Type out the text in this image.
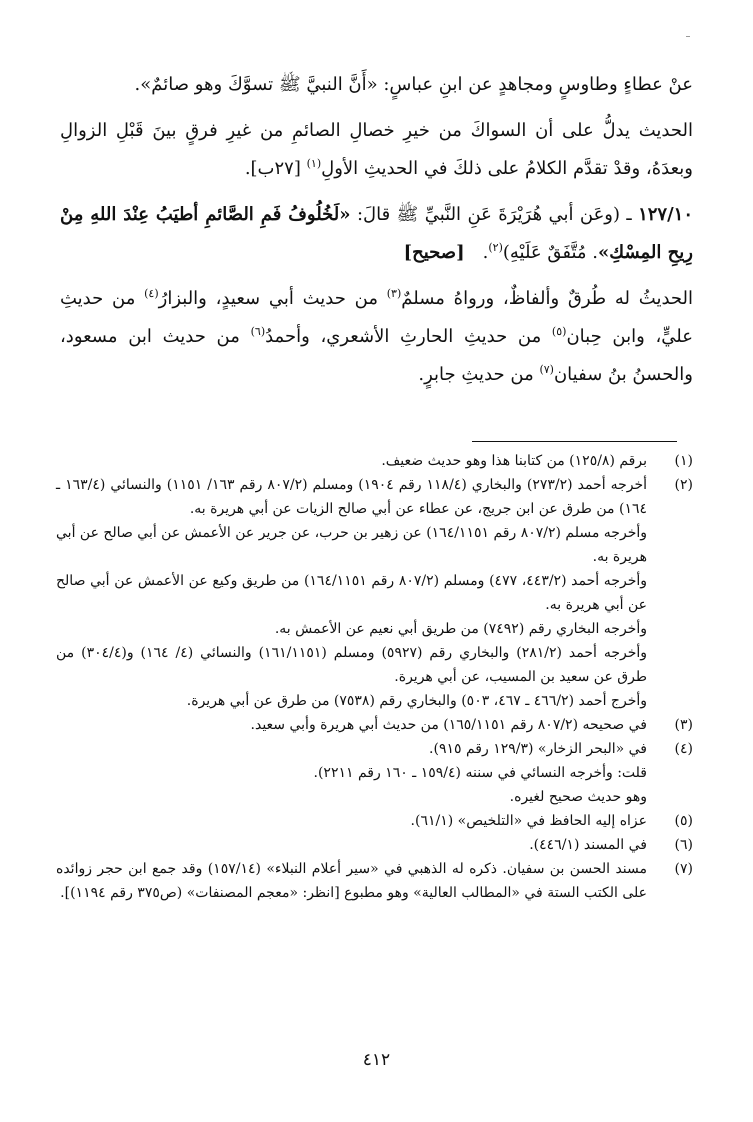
عنْ عطاءٍ وطاوسٍ ومجاهدٍ عن ابنِ عباسٍ: «أَنَّ النبيَّ ﷺ تسوَّكَ وهو صائمٌ».

الحديث يدلُّ على أن السواكَ من خيرِ خصالِ الصائمِ من غيرِ فرقٍ بينَ قَبْلِ الزوالِ وبعدَهُ، وقدْ تقدَّم الكلامُ على ذلكَ في الحديثِ الأولِ$^{(١)}$ [٢٧ب].

١٢٧/١٠ ـ (وعَن أبي هُرَيْرَةَ عَنِ النَّبيِّ ﷺ قالَ: «لَخُلُوفُ فَمِ الصَّائمِ أطيَبُ عِنْدَ اللهِ مِنْ رِيحِ المِسْكِ». مُتَّفَقٌ عَلَيْهِ)$^{(٢)}$.[صحيح]

الحديثُ له طُرقٌ وألفاظٌ، ورواهُ مسلمٌ$^{(٣)}$ من حديث أبي سعيدٍ، والبزارُ$^{(٤)}$ من حديثِ عليٍّ، وابن حِبان$^{(٥)}$ من حديثِ الحارثِ الأشعري، وأحمدُ$^{(٦)}$ من حديث ابن مسعود، والحسنُ بنُ سفيان$^{(٧)}$ من حديثِ جابرٍ.

(١)
برقم (١٢٥/٨) من كتابنا هذا وهو حديث ضعيف.
(٢)
أخرجه أحمد (٢٧٣/٢) والبخاري (١١٨/٤ رقم ١٩٠٤) ومسلم (٨٠٧/٢ رقم ١٦٣/ ١١٥١) والنسائي (١٦٣/٤ ـ ١٦٤) من طرق عن ابن جريج، عن عطاء عن أبي صالح الزيات عن أبي هريرة به.
وأخرجه مسلم (٨٠٧/٢ رقم ١٦٤/١١٥١) عن زهير بن حرب، عن جرير عن الأعمش عن أبي صالح عن أبي هريرة به.
وأخرجه أحمد (٤٤٣/٢، ٤٧٧) ومسلم (٨٠٧/٢ رقم ١٦٤/١١٥١) من طريق وكيع عن الأعمش عن أبي صالح عن أبي هريرة به.
وأخرجه البخاري رقم (٧٤٩٢) من طريق أبي نعيم عن الأعمش به.
وأخرجه أحمد (٢٨١/٢) والبخاري رقم (٥٩٢٧) ومسلم (١٦١/١١٥١) والنسائي (٤/ ١٦٤) و(٣٠٤/٤) من طرق عن سعيد بن المسيب، عن أبي هريرة.
وأخرج أحمد (٤٦٦/٢ ـ ٤٦٧، ٥٠٣) والبخاري رقم (٧٥٣٨) من طرق عن أبي هريرة.
(٣)
في صحيحه (٨٠٧/٢ رقم ١٦٥/١١٥١) من حديث أبي هريرة وأبي سعيد.
(٤)
في «البحر الزخار» (١٢٩/٣ رقم ٩١٥).
قلت: وأخرجه النسائي في سننه (١٥٩/٤ ـ ١٦٠ رقم ٢٢١١).
وهو حديث صحيح لغيره.
(٥)
عزاه إليه الحافظ في «التلخيص» (٦١/١).
(٦)
في المسند (٤٤٦/١).
(٧)
مسند الحسن بن سفيان. ذكره له الذهبي في «سير أعلام النبلاء» (١٥٧/١٤) وقد جمع ابن حجر زوائده على الكتب الستة في «المطالب العالية» وهو مطبوع [انظر: «معجم المصنفات» (ص٣٧٥ رقم ١١٩٤)].
٤١٢
